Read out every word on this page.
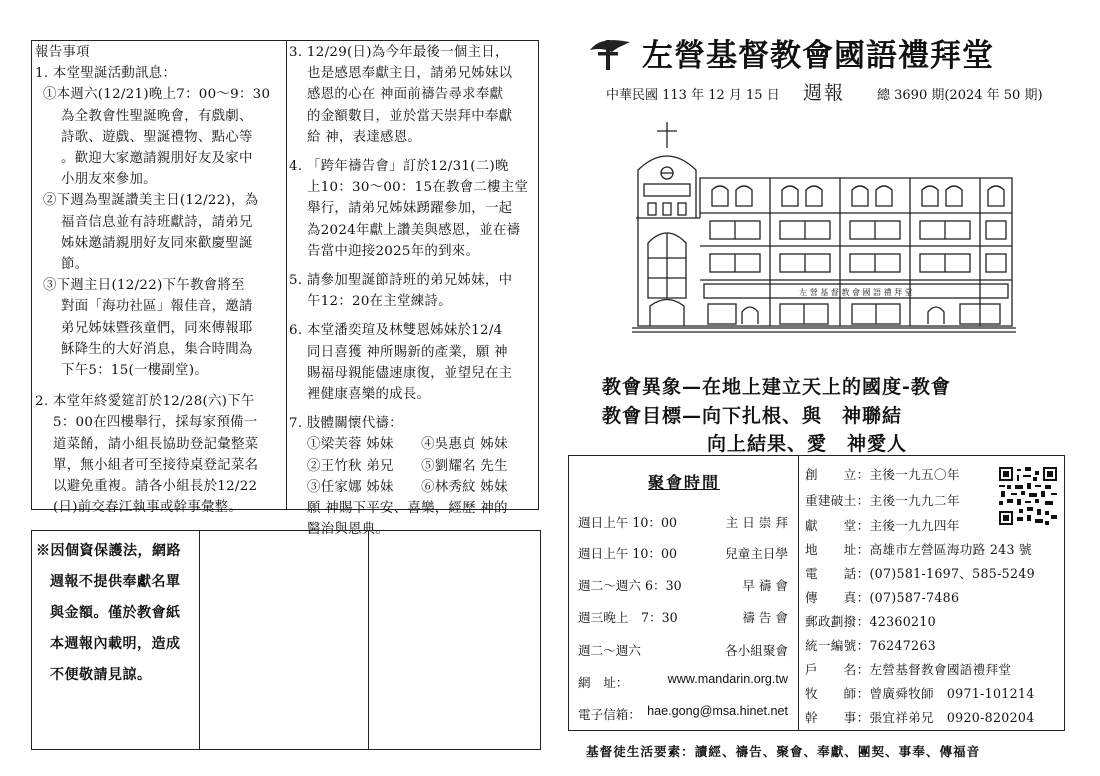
報告事項
1. 本堂聖誕活動訊息：
①本週六(12/21)晚上7：00～9：30
為全教會性聖誕晚會，有戲劇、
詩歌、遊戲、聖誕禮物、點心等
。歡迎大家邀請親朋好友及家中
小朋友來參加。
②下週為聖誕讚美主日(12/22)，為
福音信息並有詩班獻詩，請弟兄
姊妹邀請親朋好友同來歡慶聖誕
節。
③下週主日(12/22)下午教會將至
對面「海功社區」報佳音，邀請
弟兄姊妹暨孩童們，同來傳報耶
穌降生的大好消息，集合時間為
下午5：15(一樓副堂)。
2. 本堂年終愛筵訂於12/28(六)下午
5：00在四樓舉行，採每家預備一
道菜餚，請小組長協助登記彙整菜
單，無小組者可至接待桌登記菜名
以避免重複。請各小組長於12/22
(日)前交春江執事或幹事彙整。
3. 12/29(日)為今年最後一個主日，
也是感恩奉獻主日，請弟兄姊妹以
感恩的心在 神面前禱告尋求奉獻
的金額數目，並於當天崇拜中奉獻
給 神，表達感恩。
4. 「跨年禱告會」訂於12/31(二)晚
上10：30～00：15在教會二樓主堂
舉行，請弟兄姊妹踴躍參加，一起
為2024年獻上讚美與感恩，並在禱
告當中迎接2025年的到來。
5. 請參加聖誕節詩班的弟兄姊妹，中
午12：20在主堂練詩。
6. 本堂潘奕瑄及林雙恩姊妹於12/4
同日喜獲 神所賜新的產業，願 神
賜福母親能儘速康復，並望兒在主
裡健康喜樂的成長。
7. 肢體關懷代禱：
①梁芙蓉 姊妹　　④吳惠貞 姊妹
②王竹秋 弟兄　　⑤劉耀名 先生
③任家娜 姊妹　　⑥林秀紋 姊妹
願 神賜下平安、喜樂，經歷 神的
醫治與恩典。
※因個資保護法，網路
週報不提供奉獻名單
與金額。僅於教會紙
本週報內載明，造成
不便敬請見諒。
左營基督教會國語禮拜堂
中華民國 113 年 12 月 15 日 週報 總 3690 期(2024 年 50 期)
左 營 基 督 教 會 國 語 禮 拜 堂
教會異象—在地上建立天上的國度-教會
教會目標—向下扎根、與　神聯結
向上結果、愛　神愛人
聚會時間
週日上午 10：00	主 日 崇 拜
週日上午 10：00	兒童主日學
週二～週六 6：30	早 禱 會
週三晚上　7：30	禱 告 會
週二～週六	各小組聚會
網　址：	www.mandarin.org.tw
電子信箱： hae.gong@msa.hinet.net
創　　立：主後一九五〇年
重建破土：主後一九九二年
獻　　堂：主後一九九四年
地　　址：高雄市左營區海功路 243 號
電　　話：(07)581-1697、585-5249
傳　　真：(07)587-7486
郵政劃撥：42360210
統一編號：76247263
戶　　名：左營基督教會國語禮拜堂
牧　　師：曾廣舜牧師　0971-101214
幹　　事：張宜祥弟兄　0920-820204
基督徒生活要素：讀經、禱告、聚會、奉獻、團契、事奉、傳福音
